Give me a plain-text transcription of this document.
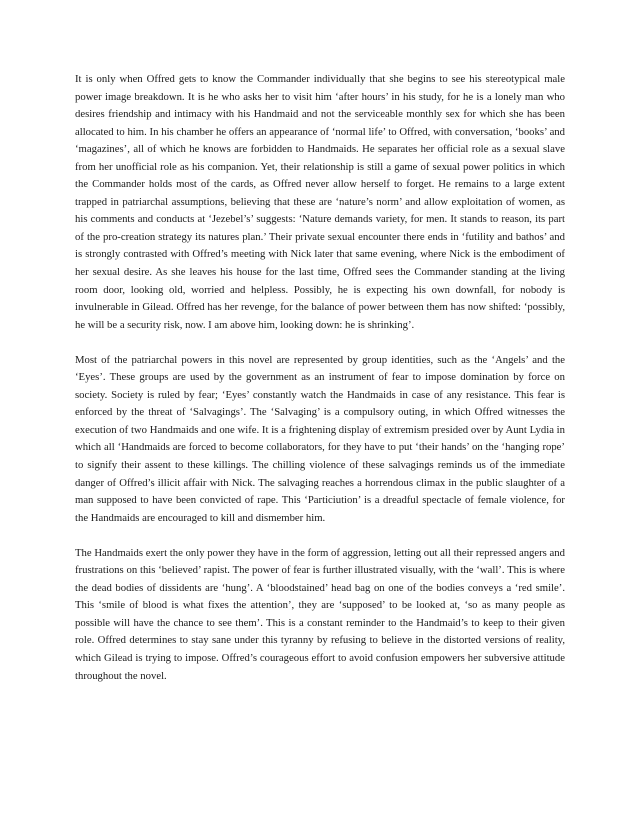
It is only when Offred gets to know the Commander individually that she begins to see his stereotypical male power image breakdown. It is he who asks her to visit him ‘after hours’ in his study, for he is a lonely man who desires friendship and intimacy with his Handmaid and not the serviceable monthly sex for which she has been allocated to him. In his chamber he offers an appearance of ‘normal life’ to Offred, with conversation, ‘books’ and ‘magazines’, all of which he knows are forbidden to Handmaids. He separates her official role as a sexual slave from her unofficial role as his companion. Yet, their relationship is still a game of sexual power politics in which the Commander holds most of the cards, as Offred never allow herself to forget. He remains to a large extent trapped in patriarchal assumptions, believing that these are ‘nature’s norm’ and allow exploitation of women, as his comments and conducts at ‘Jezebel’s’ suggests: ‘Nature demands variety, for men. It stands to reason, its part of the pro-creation strategy its natures plan.’ Their private sexual encounter there ends in ‘futility and bathos’ and is strongly contrasted with Offred’s meeting with Nick later that same evening, where Nick is the embodiment of her sexual desire. As she leaves his house for the last time, Offred sees the Commander standing at the living room door, looking old, worried and helpless. Possibly, he is expecting his own downfall, for nobody is invulnerable in Gilead. Offred has her revenge, for the balance of power between them has now shifted: ‘possibly, he will be a security risk, now. I am above him, looking down: he is shrinking’.

Most of the patriarchal powers in this novel are represented by group identities, such as the ‘Angels’ and the ‘Eyes’. These groups are used by the government as an instrument of fear to impose domination by force on society. Society is ruled by fear; ‘Eyes’ constantly watch the Handmaids in case of any resistance. This fear is enforced by the threat of ‘Salvagings’. The ‘Salvaging’ is a compulsory outing, in which Offred witnesses the execution of two Handmaids and one wife. It is a frightening display of extremism presided over by Aunt Lydia in which all ‘Handmaids are forced to become collaborators, for they have to put ‘their hands’ on the ‘hanging rope’ to signify their assent to these killings. The chilling violence of these salvagings reminds us of the immediate danger of Offred’s illicit affair with Nick. The salvaging reaches a horrendous climax in the public slaughter of a man supposed to have been convicted of rape. This ‘Particiution’ is a dreadful spectacle of female violence, for the Handmaids are encouraged to kill and dismember him.

The Handmaids exert the only power they have in the form of aggression, letting out all their repressed angers and frustrations on this ‘believed’ rapist. The power of fear is further illustrated visually, with the ‘wall’. This is where the dead bodies of dissidents are ‘hung’. A ‘bloodstained’ head bag on one of the bodies conveys a ‘red smile’. This ‘smile of blood is what fixes the attention’, they are ‘supposed’ to be looked at, ‘so as many people as possible will have the chance to see them’. This is a constant reminder to the Handmaid’s to keep to their given role. Offred determines to stay sane under this tyranny by refusing to believe in the distorted versions of reality, which Gilead is trying to impose. Offred’s courageous effort to avoid confusion empowers her subversive attitude throughout the novel.
